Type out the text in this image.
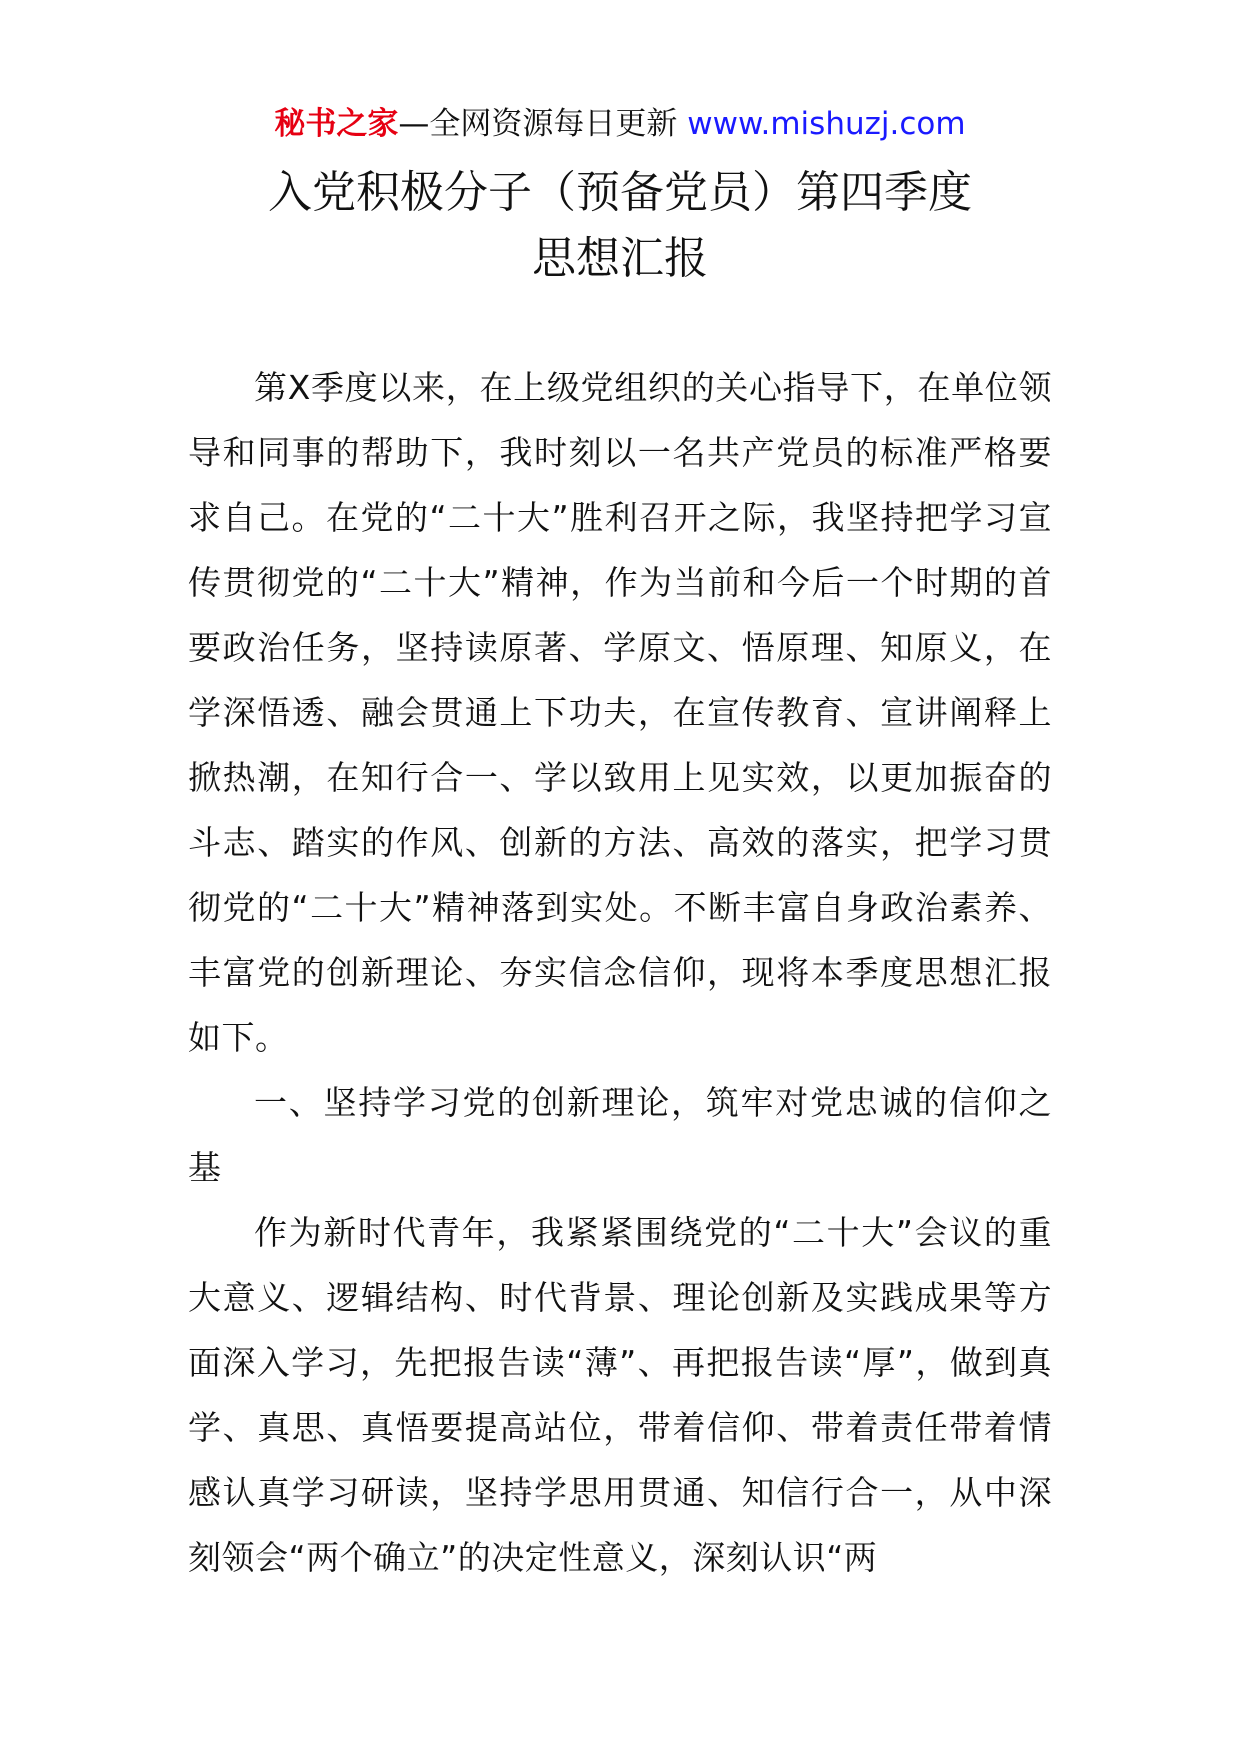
秘书之家—全网资源每日更新 www.mishuzj.com
入党积极分子（预备党员）第四季度
思想汇报

第X季度以来，在上级党组织的关心指导下，在单位领导和同事的帮助下，我时刻以一名共产党员的标准严格要求自己。在党的“二十大”胜利召开之际，我坚持把学习宣传贯彻党的“二十大”精神，作为当前和今后一个时期的首要政治任务，坚持读原著、学原文、悟原理、知原义，在学深悟透、融会贯通上下功夫，在宣传教育、宣讲阐释上掀热潮，在知行合一、学以致用上见实效，以更加振奋的斗志、踏实的作风、创新的方法、高效的落实，把学习贯彻党的“二十大”精神落到实处。不断丰富自身政治素养、丰富党的创新理论、夯实信念信仰，现将本季度思想汇报如下。

一、坚持学习党的创新理论，筑牢对党忠诚的信仰之基

作为新时代青年，我紧紧围绕党的“二十大”会议的重大意义、逻辑结构、时代背景、理论创新及实践成果等方面深入学习，先把报告读“薄”、再把报告读“厚”，做到真学、真思、真悟要提高站位，带着信仰、带着责任带着情感认真学习研读，坚持学思用贯通、知信行合一，从中深刻领会“两个确立”的决定性意义，深刻认识“两
